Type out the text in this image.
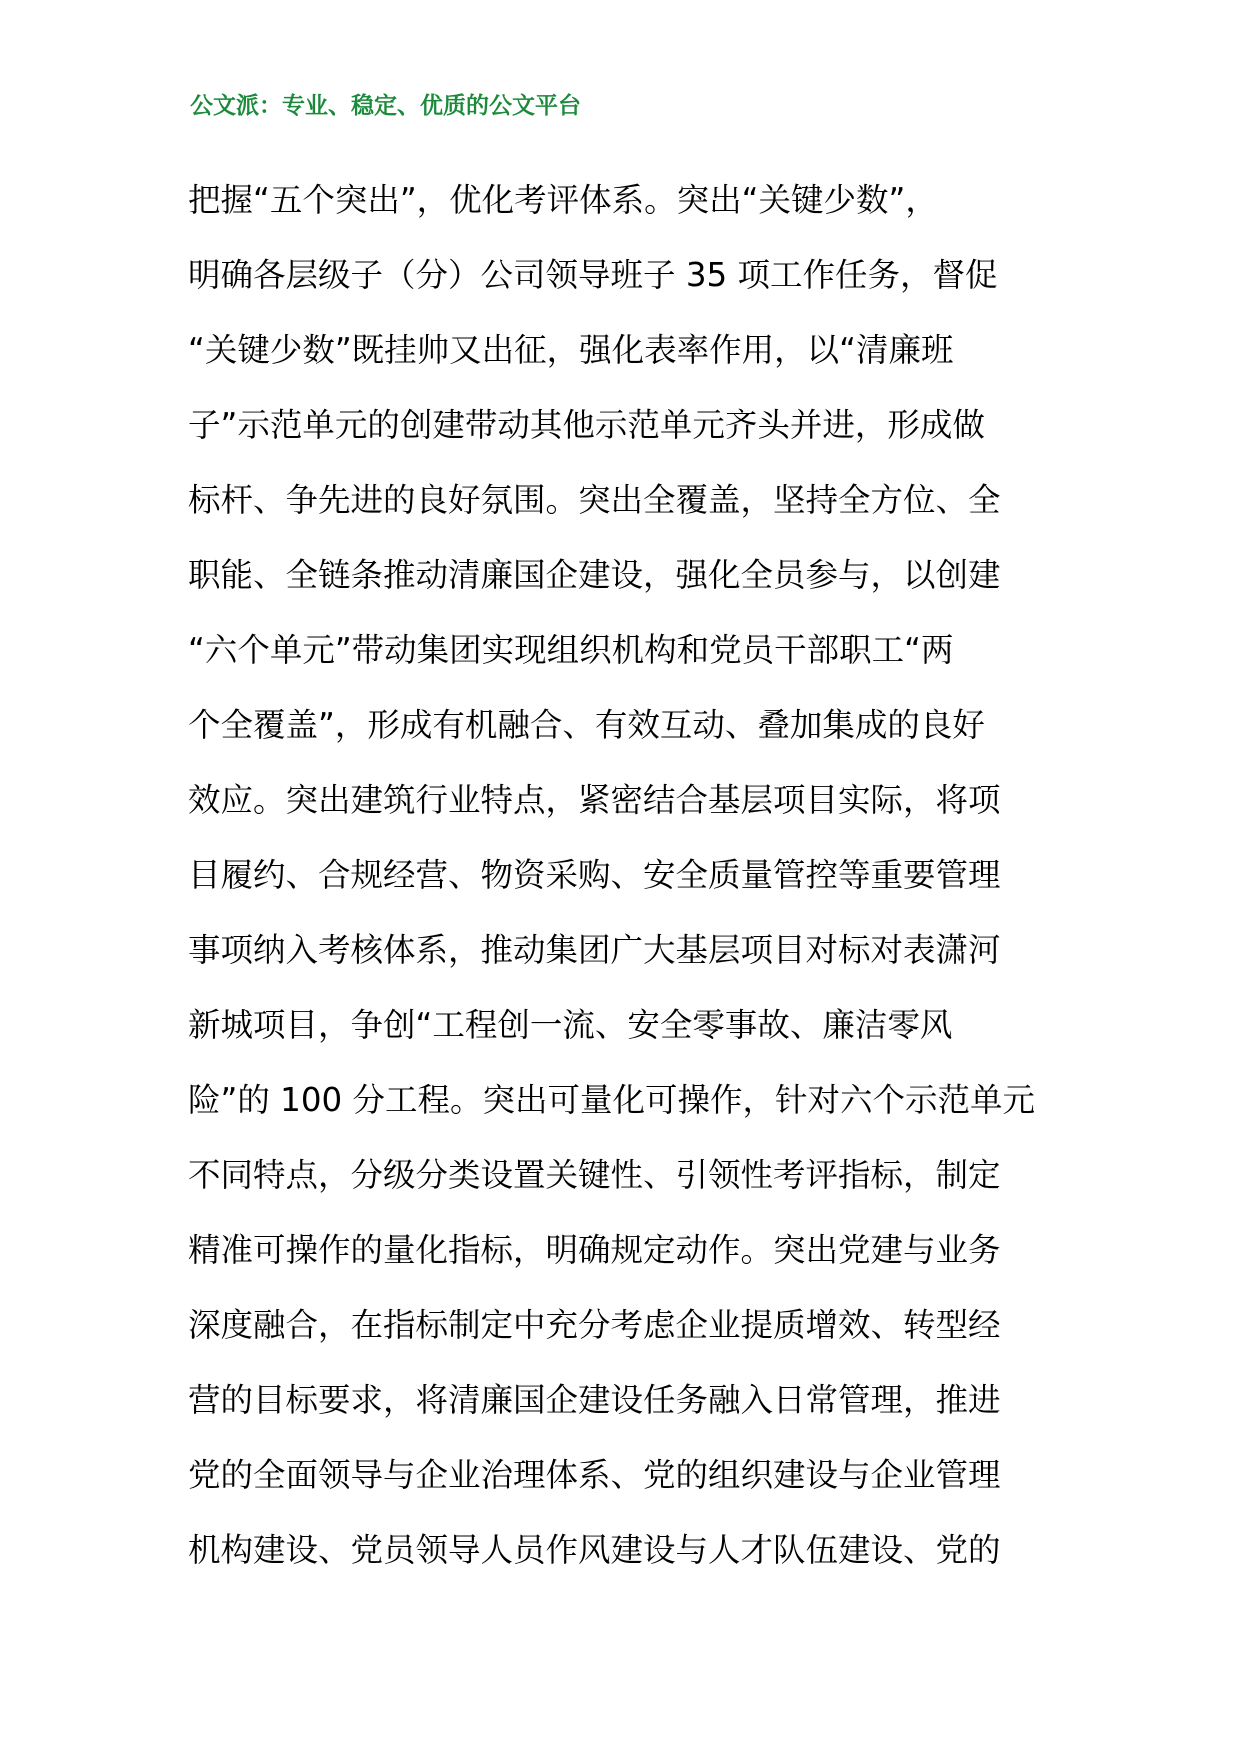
公文派：专业、稳定、优质的公文平台
把握“五个突出”，优化考评体系。突出“关键少数”，
明确各层级子（分）公司领导班子 35 项工作任务，督促
“关键少数”既挂帅又出征，强化表率作用，以“清廉班
子”示范单元的创建带动其他示范单元齐头并进，形成做
标杆、争先进的良好氛围。突出全覆盖，坚持全方位、全
职能、全链条推动清廉国企建设，强化全员参与，以创建
“六个单元”带动集团实现组织机构和党员干部职工“两
个全覆盖”，形成有机融合、有效互动、叠加集成的良好
效应。突出建筑行业特点，紧密结合基层项目实际，将项
目履约、合规经营、物资采购、安全质量管控等重要管理
事项纳入考核体系，推动集团广大基层项目对标对表潇河
新城项目，争创“工程创一流、安全零事故、廉洁零风
险”的 100 分工程。突出可量化可操作，针对六个示范单元
不同特点，分级分类设置关键性、引领性考评指标，制定
精准可操作的量化指标，明确规定动作。突出党建与业务
深度融合，在指标制定中充分考虑企业提质增效、转型经
营的目标要求，将清廉国企建设任务融入日常管理，推进
党的全面领导与企业治理体系、党的组织建设与企业管理
机构建设、党员领导人员作风建设与人才队伍建设、党的
